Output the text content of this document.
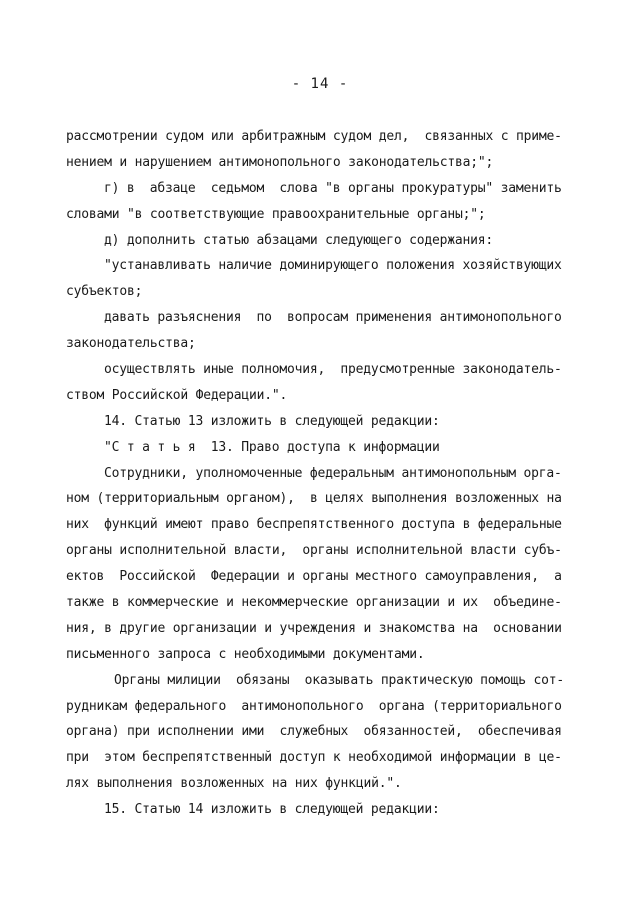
- 14 -
рассмотрении судом или арбитражным судом дел,  связанных с приме-
нением и нарушением антимонопольного законодательства;";
г) в  абзаце  седьмом  слова "в органы прокуратуры" заменить
словами "в соответствующие правоохранительные органы;";
д) дополнить статью абзацами следующего содержания:
"устанавливать наличие доминирующего положения хозяйствующих
субъектов;
давать разъяснения  по  вопросам применения антимонопольного
законодательства;
осуществлять иные полномочия,  предусмотренные законодатель-
ством Российской Федерации.".
14. Статью 13 изложить в следующей редакции:
"С т а т ь я  13. Право доступа к информации
Сотрудники, уполномоченные федеральным антимонопольным орга-
ном (территориальным органом),  в целях выполнения возложенных на
них  функций имеют право беспрепятственного доступа в федеральные
органы исполнительной власти,  органы исполнительной власти субъ-
ектов  Российской  Федерации и органы местного самоуправления,  а
также в коммерческие и некоммерческие организации и их  объедине-
ния, в другие организации и учреждения и знакомства на  основании
письменного запроса с необходимыми документами.
Органы милиции  обязаны  оказывать практическую помощь сот-
рудникам федерального  антимонопольного  органа (территориального
органа) при исполнении ими  служебных  обязанностей,  обеспечивая
при  этом беспрепятственный доступ к необходимой информации в це-
лях выполнения возложенных на них функций.".
15. Статью 14 изложить в следующей редакции:
